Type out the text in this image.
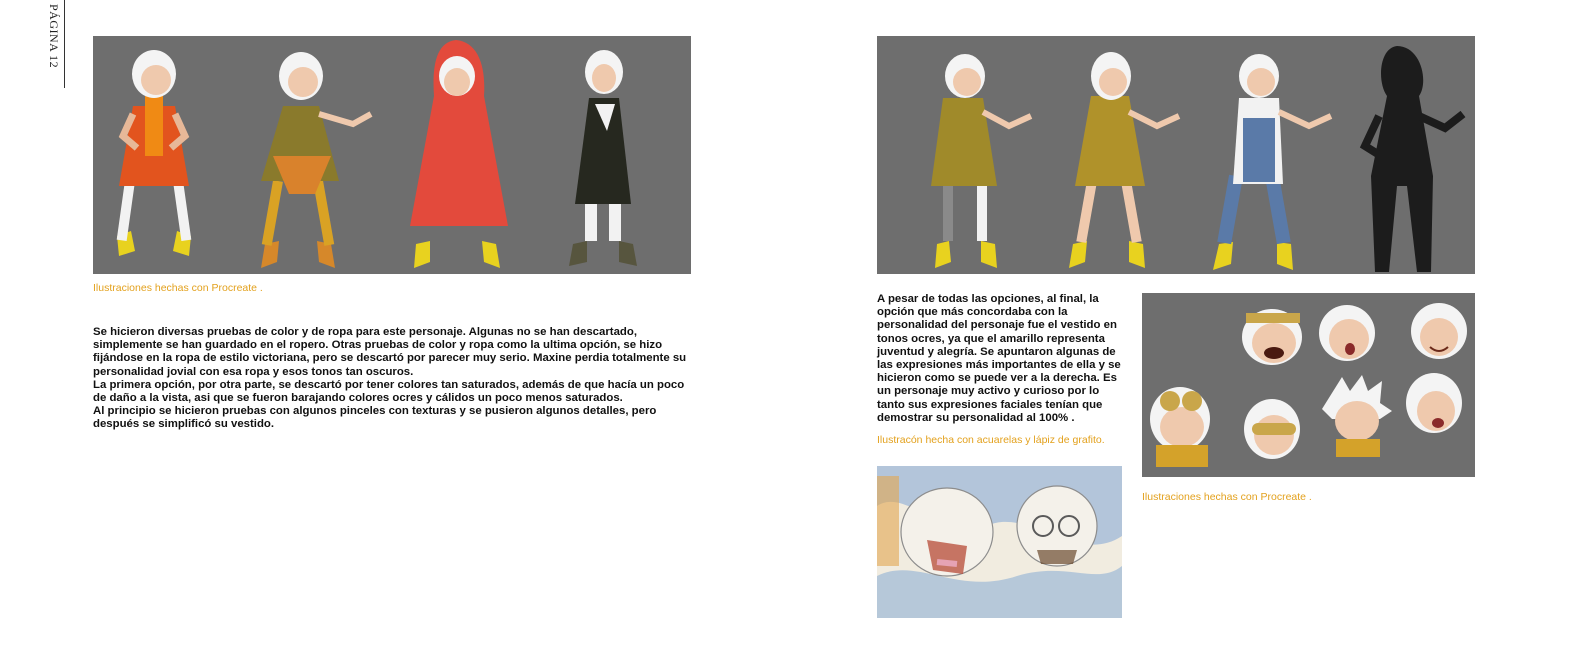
PÁGINA 12
Ilustraciones hechas con Procreate .

Se hicieron diversas pruebas de color y de ropa para este personaje. Algunas no se han descartado, simplemente se han guardado en el ropero. Otras pruebas de color y ropa como la ultima opción, se hizo fijándose en la ropa de estilo victoriana, pero se descartó por parecer muy serio. Maxine perdia totalmente su personalidad jovial con esa ropa y esos tonos tan oscuros.

La primera opción, por otra parte, se descartó por tener colores tan saturados, además de que hacía un poco de daño a la vista, asi que se fueron barajando colores ocres y cálidos un poco menos saturados.

Al principio se hicieron pruebas con algunos pinceles con texturas y se pusieron algunos detalles, pero después se simplificó su vestido.

A pesar de todas las opciones, al final, la opción que más concordaba con la personalidad del personaje fue el vestido en tonos ocres, ya que el amarillo representa juventud y alegría. Se apuntaron algunas de las expresiones más importantes de ella y se hicieron como se puede ver a la derecha. Es un personaje muy activo y curioso por lo tanto sus expresiones faciales tenían que demostrar su personalidad al 100% .
Ilustracón hecha con acuarelas y lápiz de grafito.
Ilustraciones hechas con Procreate .
